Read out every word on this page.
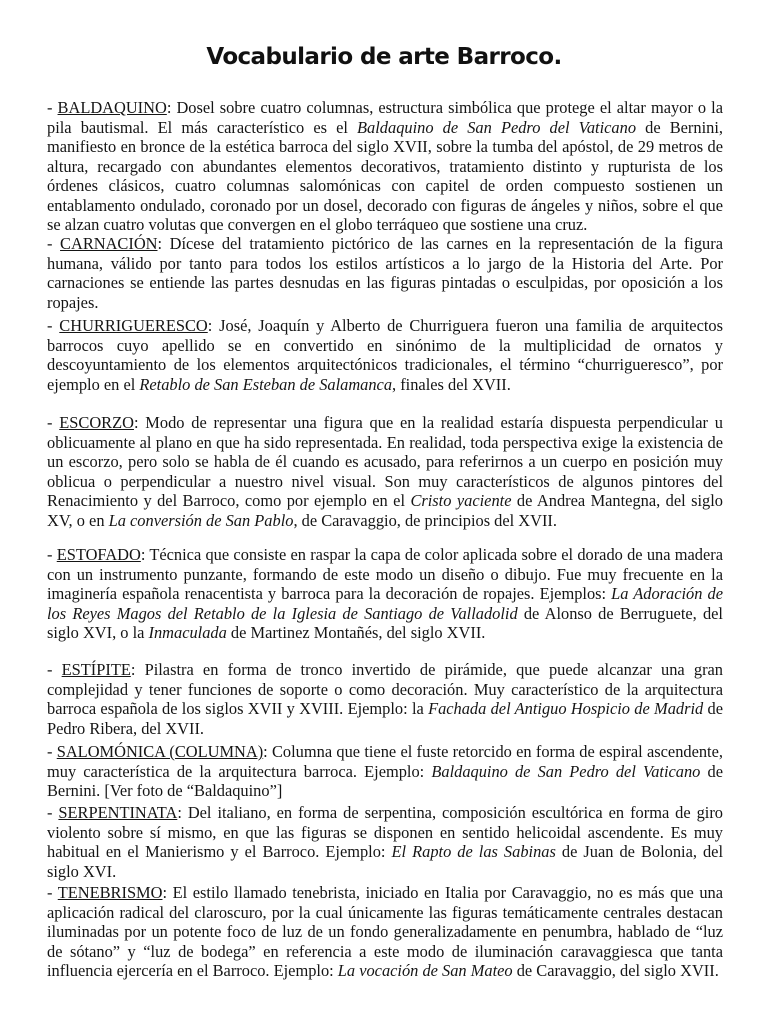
Vocabulario de arte Barroco.

- BALDAQUINO: Dosel sobre cuatro columnas, estructura simbólica que protege el altar mayor o la pila bautismal. El más característico es el Baldaquino de San Pedro del Vaticano de Bernini, manifiesto en bronce de la estética barroca del siglo XVII, sobre la tumba del apóstol, de 29 metros de altura, recargado con abundantes elementos decorativos, tratamiento distinto y rupturista de los órdenes clásicos, cuatro columnas salomónicas con capitel de orden compuesto sostienen un entablamento ondulado, coronado por un dosel, decorado con figuras de ángeles y niños, sobre el que se alzan cuatro volutas que convergen en el globo terráqueo que sostiene una cruz.

- CARNACIÓN: Dícese del tratamiento pictórico de las carnes en la representación de la figura humana, válido por tanto para todos los estilos artísticos a lo jargo de la Historia del Arte. Por carnaciones se entiende las partes desnudas en las figuras pintadas o esculpidas, por oposición a los ropajes.

- CHURRIGUERESCO: José, Joaquín y Alberto de Churriguera fueron una familia de arquitectos barrocos cuyo apellido se en convertido en sinónimo de la multiplicidad de ornatos y descoyuntamiento de los elementos arquitectónicos tradicionales, el término “churrigueresco”, por ejemplo en el Retablo de San Esteban de Salamanca, finales del XVII.

- ESCORZO: Modo de representar una figura que en la realidad estaría dispuesta perpendicular u oblicuamente al plano en que ha sido representada. En realidad, toda perspectiva exige la existencia de un escorzo, pero solo se habla de él cuando es acusado, para referirnos a un cuerpo en posición muy oblicua o perpendicular a nuestro nivel visual. Son muy característicos de algunos pintores del Renacimiento y del Barroco, como por ejemplo en el Cristo yaciente de Andrea Mantegna, del siglo XV, o en La conversión de San Pablo, de Caravaggio, de principios del XVII.

- ESTOFADO: Técnica que consiste en raspar la capa de color aplicada sobre el dorado de una madera con un instrumento punzante, formando de este modo un diseño o dibujo. Fue muy frecuente en la imaginería española renacentista y barroca para la decoración de ropajes. Ejemplos: La Adoración de los Reyes Magos del Retablo de la Iglesia de Santiago de Valladolid de Alonso de Berruguete, del siglo XVI, o la Inmaculada de Martinez Montañés, del siglo XVII.

- ESTÍPITE: Pilastra en forma de tronco invertido de pirámide, que puede alcanzar una gran complejidad y tener funciones de soporte o como decoración. Muy característico de la arquitectura barroca española de los siglos XVII y XVIII. Ejemplo: la Fachada del Antiguo Hospicio de Madrid de Pedro Ribera, del XVII.

- SALOMÓNICA (COLUMNA): Columna que tiene el fuste retorcido en forma de espiral ascendente, muy característica de la arquitectura barroca. Ejemplo: Baldaquino de San Pedro del Vaticano de Bernini. [Ver foto de “Baldaquino”]

- SERPENTINATA: Del italiano, en forma de serpentina, composición escultórica en forma de giro violento sobre sí mismo, en que las figuras se disponen en sentido helicoidal ascendente. Es muy habitual en el Manierismo y el Barroco. Ejemplo: El Rapto de las Sabinas de Juan de Bolonia, del siglo XVI.

- TENEBRISMO: El estilo llamado tenebrista, iniciado en Italia por Caravaggio, no es más que una aplicación radical del claroscuro, por la cual únicamente las figuras temáticamente centrales destacan iluminadas por un potente foco de luz de un fondo generalizadamente en penumbra, hablado de “luz de sótano” y “luz de bodega” en referencia a este modo de iluminación caravaggiesca que tanta influencia ejercería en el Barroco. Ejemplo: La vocación de San Mateo de Caravaggio, del siglo XVII.
